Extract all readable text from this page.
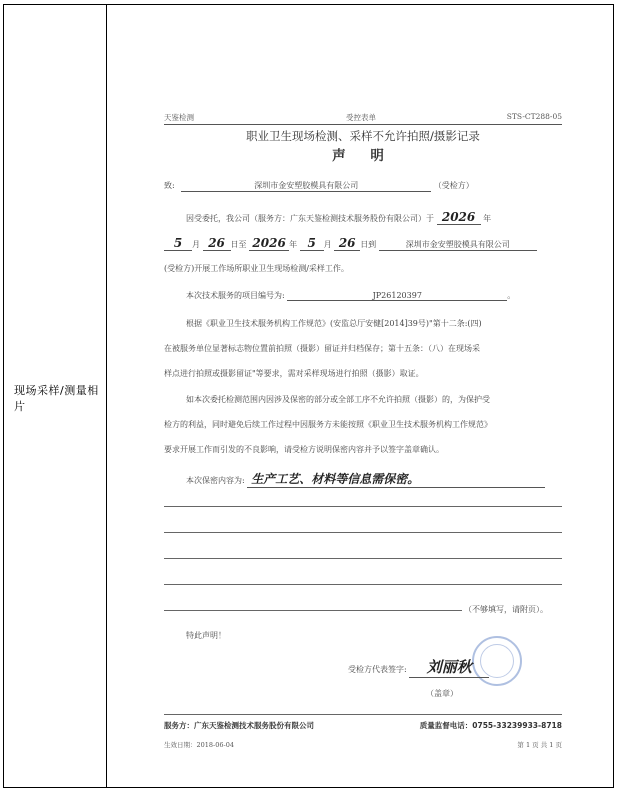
现场采样/测量相片
天鉴检测	受控表单	STS-CT288-05
职业卫生现场检测、采样不允许拍照/摄影记录
声 明
致:	深圳市金安塑胶模具有限公司	（受检方）
因受委托，我公司（服务方：广东天鉴检测技术服务股份有限公司）于 2026 年
5 月 26 日至 2026 年 5 月 26 日到	深圳市金安塑胶模具有限公司
(受检方)开展工作场所职业卫生现场检测/采样工作。
本次技术服务的项目编号为:	JP26120397	。
根据《职业卫生技术服务机构工作规范》(安监总厅安健[2014]39号)"第十二条:(四)
在被服务单位显著标志物位置前拍照（摄影）留证并归档保存；第十五条：（八）在现场采
样点进行拍照或摄影留证"等要求，需对采样现场进行拍照（摄影）取证。
如本次委托检测范围内因涉及保密的部分或全部工序不允许拍照（摄影）的，为保护受
检方的利益，同时避免后续工作过程中因服务方未能按照《职业卫生技术服务机构工作规范》
要求开展工作而引发的不良影响，请受检方说明保密内容并予以签字盖章确认。
本次保密内容为: 生产工艺、材料等信息需保密。
（不够填写，请附页）。
特此声明！
受检方代表签字: 刘丽秋
（盖章）
服务方：广东天鉴检测技术服务股份有限公司	质量监督电话：0755-33239933-8718
生效日期：2018-06-04	第 1 页 共 1 页
